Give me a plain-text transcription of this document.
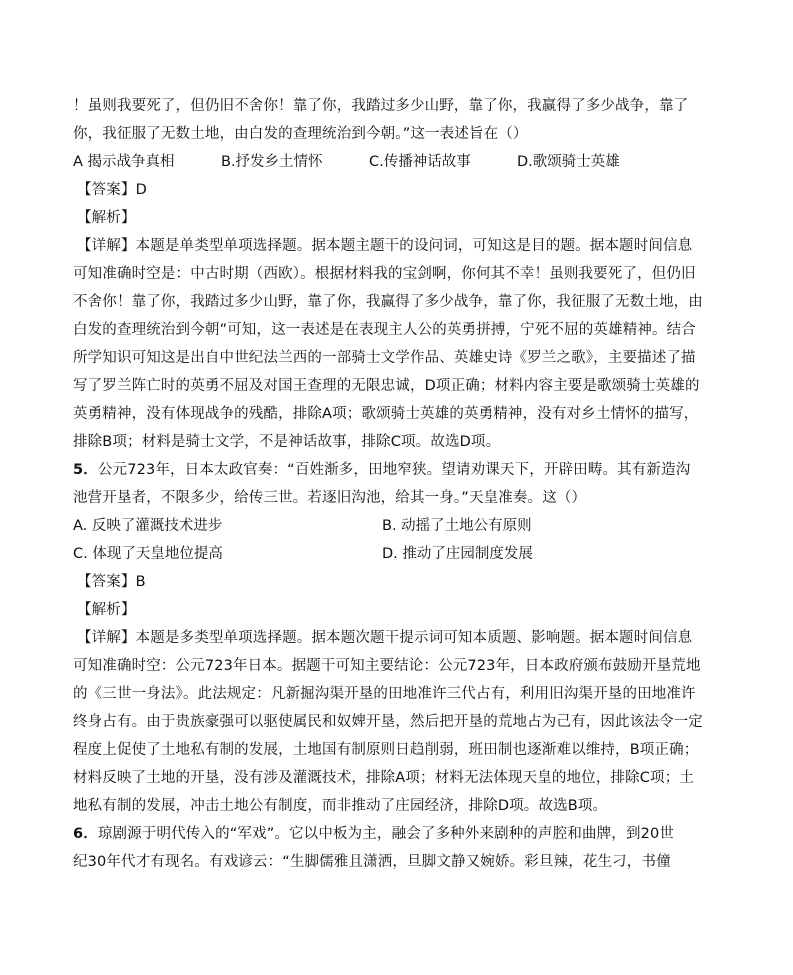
！虽则我要死了，但仍旧不舍你！靠了你，我踏过多少山野，靠了你，我赢得了多少战争，靠了
你，我征服了无数土地，由白发的查理统治到今朝。”这一表述旨在（）
A 揭示战争真相	B.抒发乡土情怀	C.传播神话故事	D.歌颂骑士英雄
【答案】D
【解析】
【详解】本题是单类型单项选择题。据本题主题干的设问词，可知这是目的题。据本题时间信息
可知准确时空是：中古时期（西欧）。根据材料我的宝剑啊，你何其不幸！虽则我要死了，但仍旧
不舍你！靠了你，我踏过多少山野，靠了你，我赢得了多少战争，靠了你，我征服了无数土地，由
白发的查理统治到今朝”可知，这一表述是在表现主人公的英勇拼搏，宁死不屈的英雄精神。结合
所学知识可知这是出自中世纪法兰西的一部骑士文学作品、英雄史诗《罗兰之歌》，主要描述了描
写了罗兰阵亡时的英勇不屈及对国王查理的无限忠诚，D项正确；材料内容主要是歌颂骑士英雄的
英勇精神，没有体现战争的残酷，排除A项；歌颂骑士英雄的英勇精神，没有对乡土情怀的描写，
排除B项；材料是骑士文学，不是神话故事，排除C项。故选D项。
5．公元723年，日本太政官奏：“百姓渐多，田地窄狭。望请劝课天下，开辟田畴。其有新造沟
池营开垦者，不限多少，给传三世。若逐旧沟池，给其一身。”天皇准奏。这（）
A. 反映了灌溉技术进步	B. 动摇了土地公有原则
C. 体现了天皇地位提高	D. 推动了庄园制度发展
【答案】B
【解析】
【详解】本题是多类型单项选择题。据本题次题干提示词可知本质题、影响题。据本题时间信息
可知准确时空：公元723年日本。据题干可知主要结论：公元723年，日本政府颁布鼓励开垦荒地
的《三世一身法》。此法规定：凡新掘沟渠开垦的田地准许三代占有，利用旧沟渠开垦的田地准许
终身占有。由于贵族豪强可以驱使属民和奴婢开垦，然后把开垦的荒地占为己有，因此该法令一定
程度上促使了土地私有制的发展，土地国有制原则日趋削弱，班田制也逐渐难以维持，B项正确；
材料反映了土地的开垦，没有涉及灌溉技术，排除A项；材料无法体现天皇的地位，排除C项；土
地私有制的发展，冲击土地公有制度，而非推动了庄园经济，排除D项。故选B项。
6．琼剧源于明代传入的“军戏”。它以中板为主，融会了多种外来剧种的声腔和曲牌，到20世
纪30年代才有现名。有戏谚云：“生脚儒雅且潇洒，旦脚文静又婉娇。彩旦辣，花生刁，书僮
